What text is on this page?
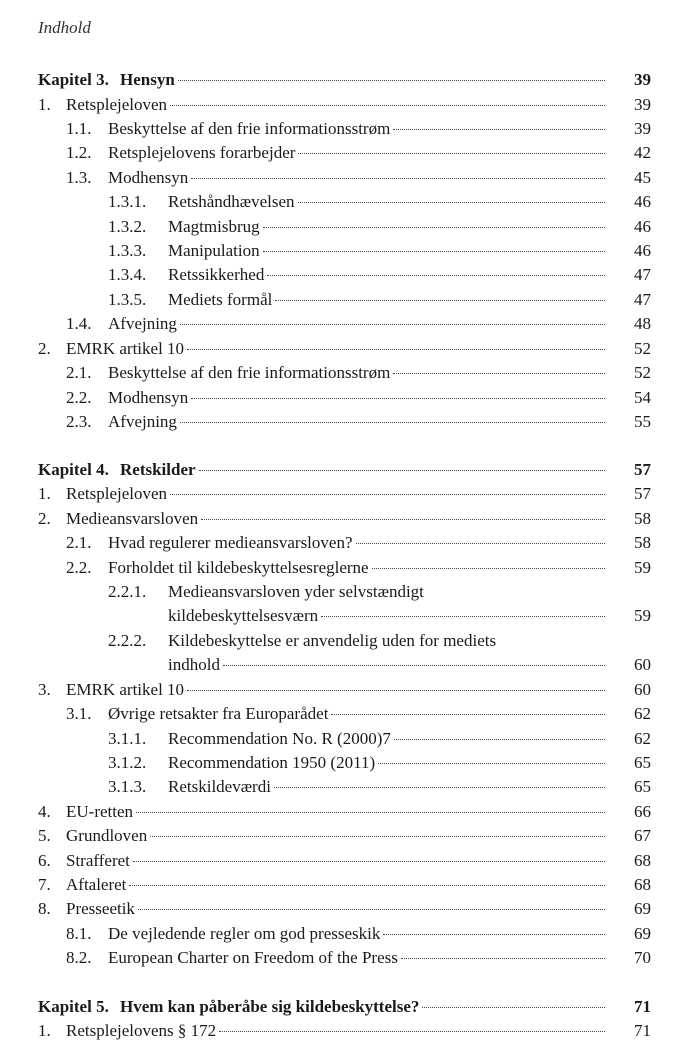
Indhold
Kapitel 3. Hensyn	39
1. Retsplejeloven	39
1.1. Beskyttelse af den frie informationsstrøm	39
1.2. Retsplejelovens forarbejder	42
1.3. Modhensyn	45
1.3.1. Retshåndhævelsen	46
1.3.2. Magtmisbrug	46
1.3.3. Manipulation	46
1.3.4. Retssikkerhed	47
1.3.5. Mediets formål	47
1.4. Afvejning	48
2. EMRK artikel 10	52
2.1. Beskyttelse af den frie informationsstrøm	52
2.2. Modhensyn	54
2.3. Afvejning	55
Kapitel 4. Retskilder	57
1. Retsplejeloven	57
2. Medieansvarsloven	58
2.1. Hvad regulerer medieansvarsloven?	58
2.2. Forholdet til kildebeskyttelsesreglerne	59
2.2.1. Medieansvarsloven yder selvstændigt
kildebeskyttelsesværn	59
2.2.2. Kildebeskyttelse er anvendelig uden for mediets
indhold	60
3. EMRK artikel 10	60
3.1. Øvrige retsakter fra Europarådet	62
3.1.1. Recommendation No. R (2000)7	62
3.1.2. Recommendation 1950 (2011)	65
3.1.3. Retskildeværdi	65
4. EU-retten	66
5. Grundloven	67
6. Strafferet	68
7. Aftaleret	68
8. Presseetik	69
8.1. De vejledende regler om god presseskik	69
8.2. European Charter on Freedom of the Press	70
Kapitel 5. Hvem kan påberåbe sig kildebeskyttelse?	71
1. Retsplejelovens § 172	71
